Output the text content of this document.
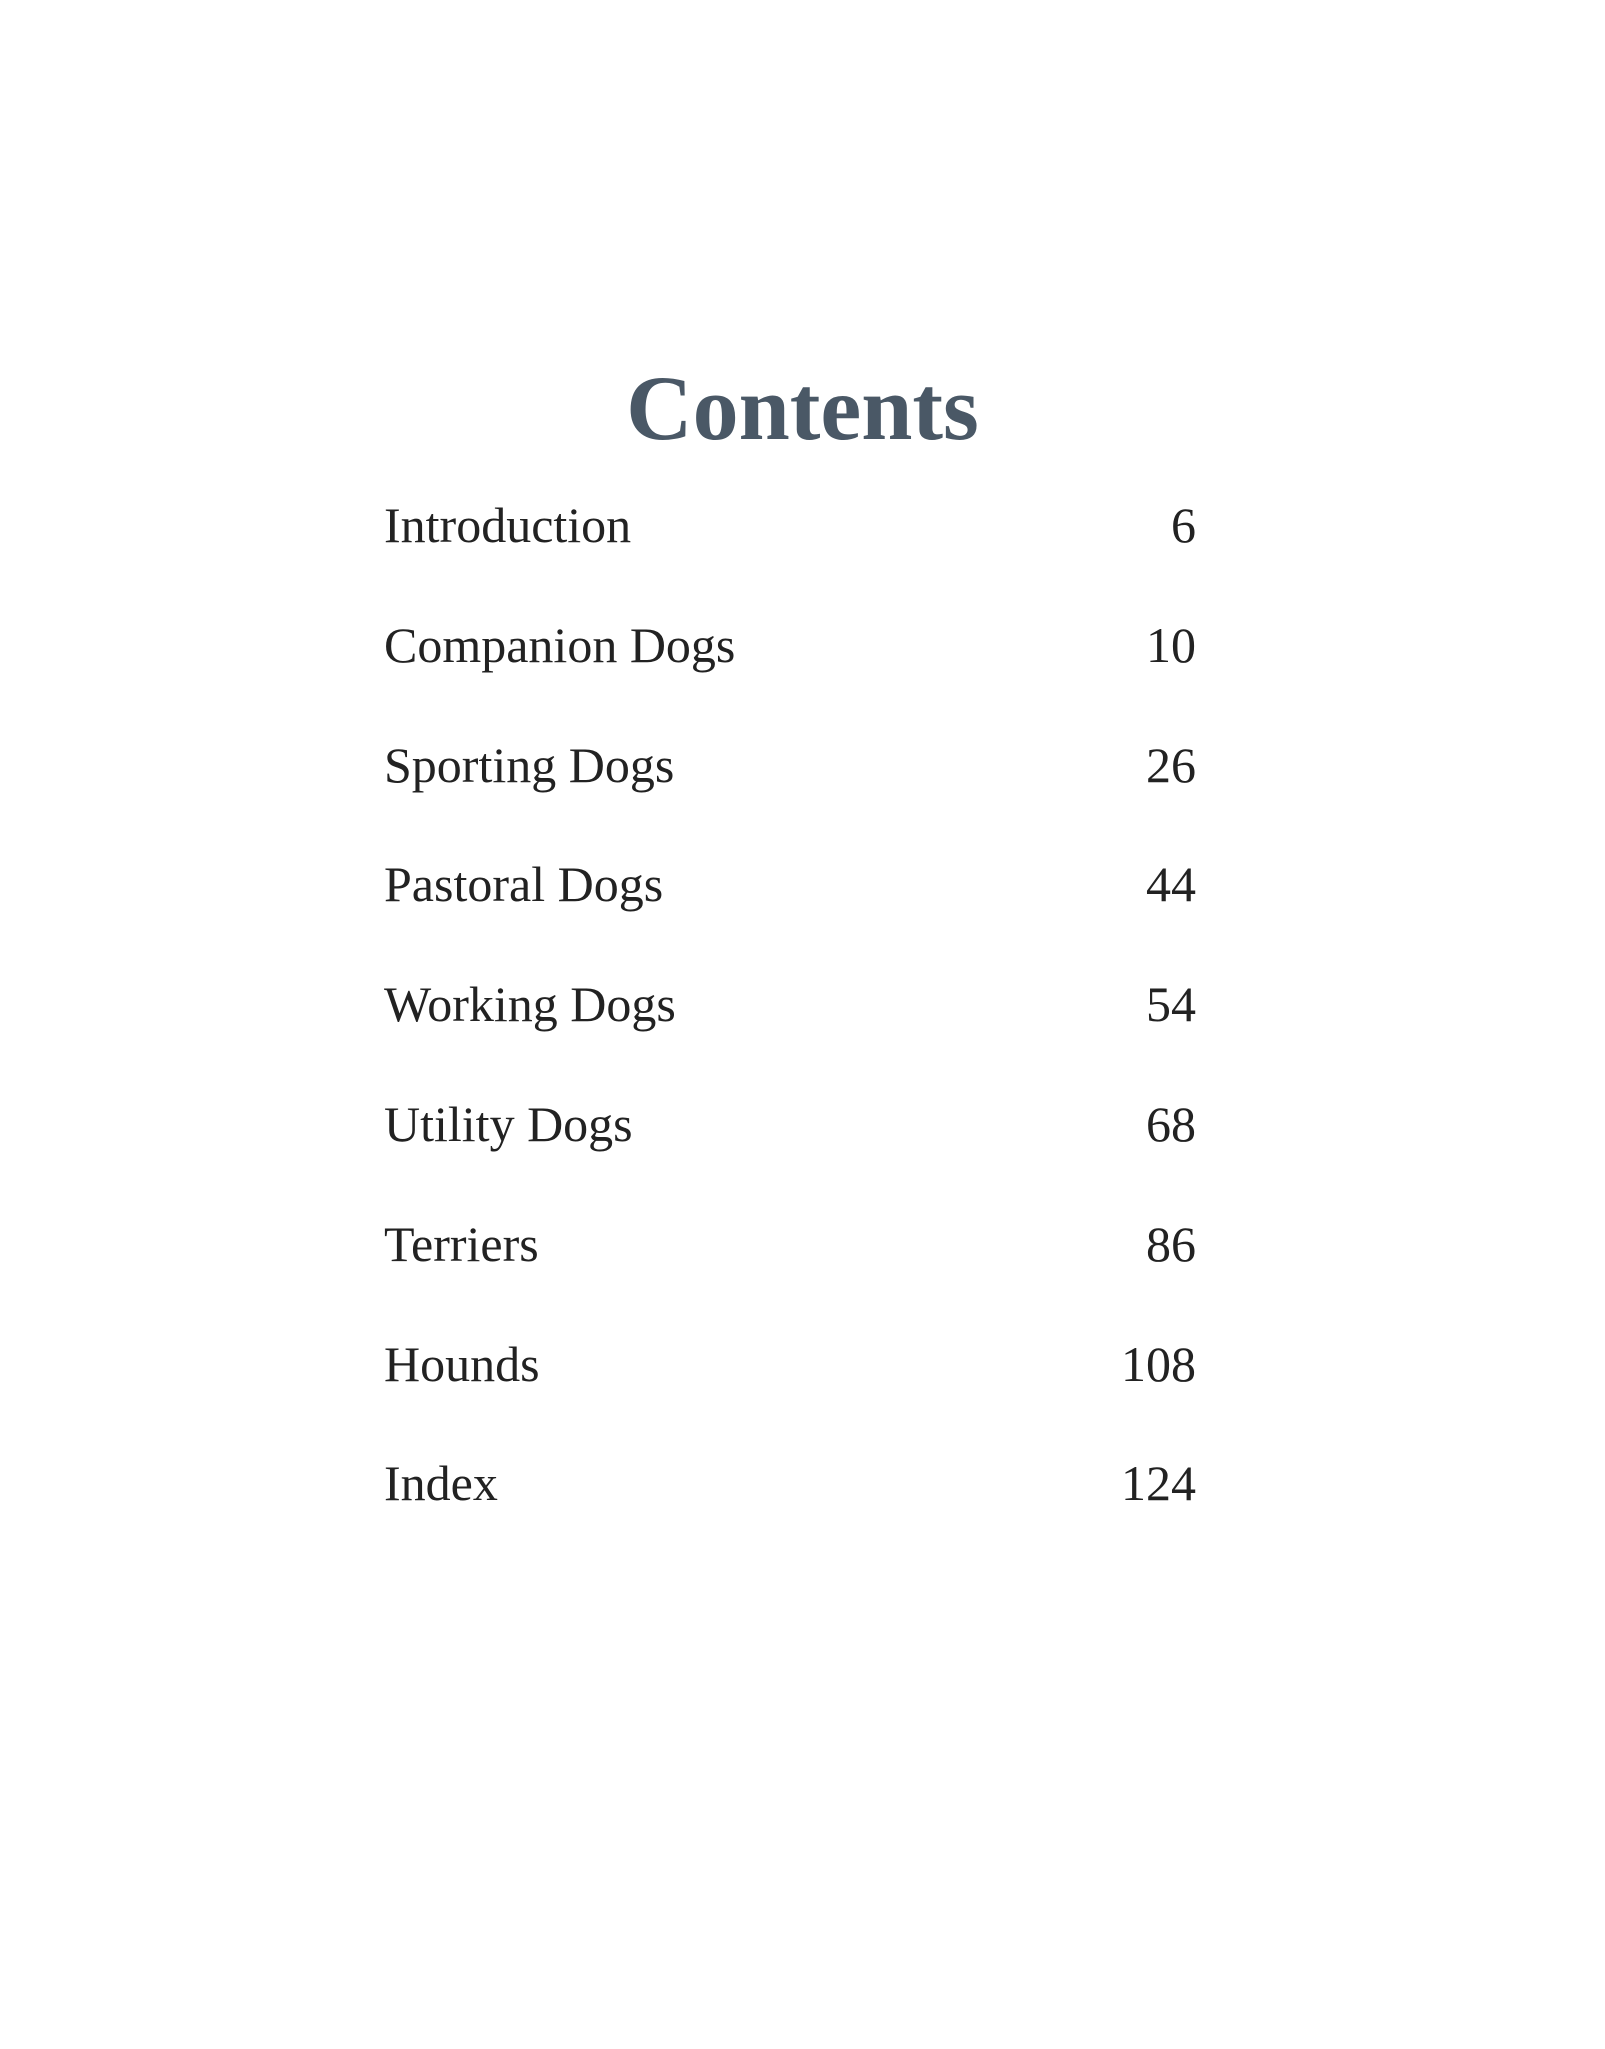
Contents
Introduction	6
Companion Dogs	10
Sporting Dogs	26
Pastoral Dogs	44
Working Dogs	54
Utility Dogs	68
Terriers	86
Hounds	108
Index	124
